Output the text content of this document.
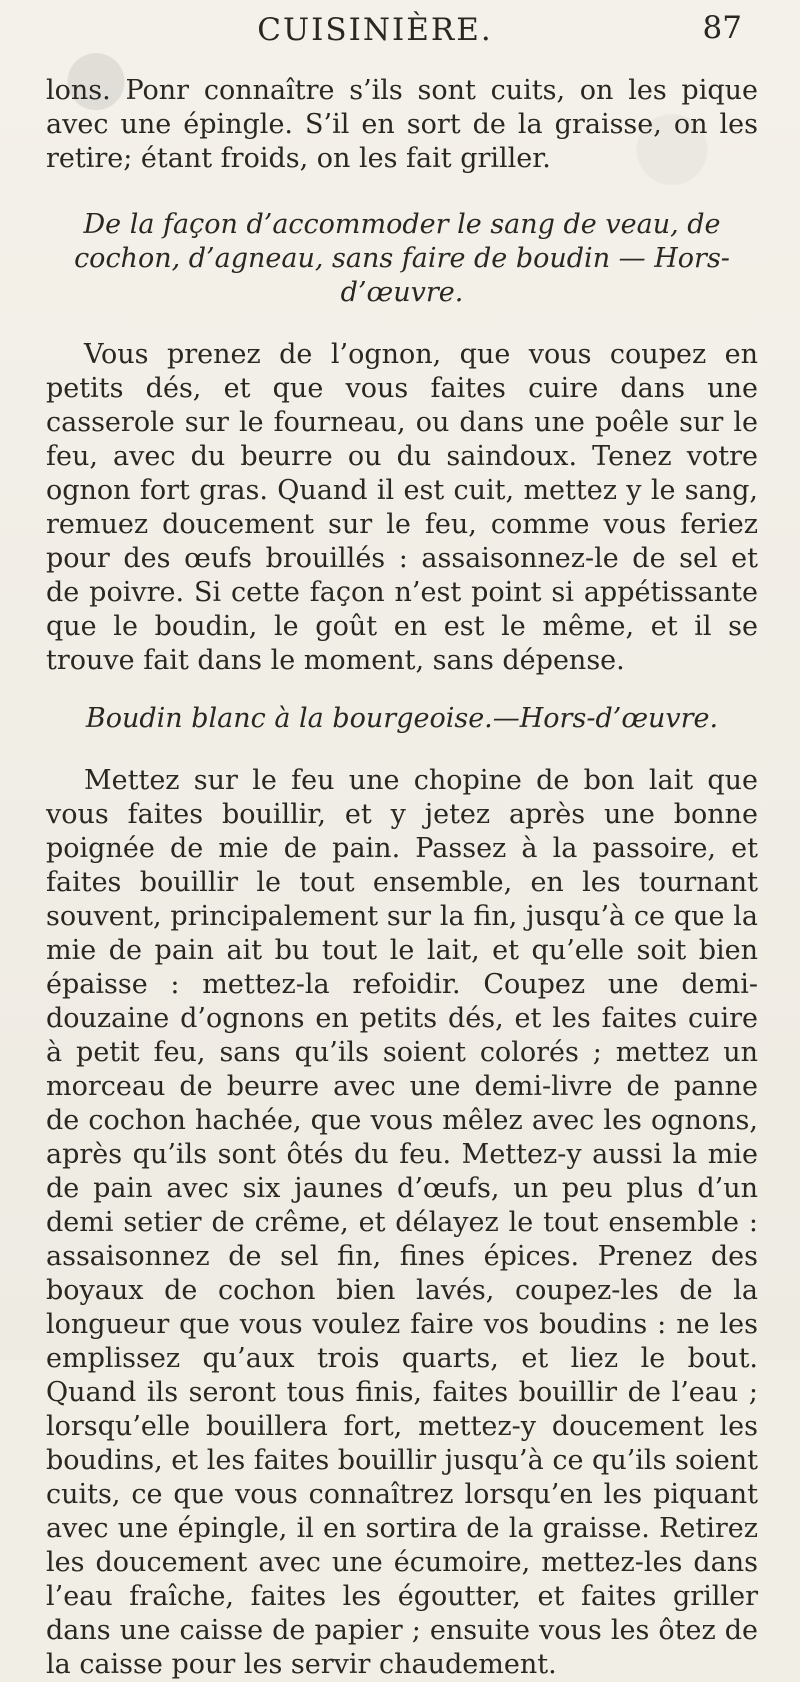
CUISINIÈRE.	87

lons. Ponr connaître s’ils sont cuits, on les pique avec une épingle. S’il en sort de la graisse, on les retire; étant froids, on les fait griller.

De la façon d’accommoder le sang de veau, de cochon, d’agneau, sans faire de boudin — Hors-d’œuvre.

Vous prenez de l’ognon, que vous coupez en petits dés, et que vous faites cuire dans une casserole sur le fourneau, ou dans une poêle sur le feu, avec du beurre ou du saindoux. Tenez votre ognon fort gras. Quand il est cuit, mettez y le sang, remuez doucement sur le feu, comme vous feriez pour des œufs brouillés : assaisonnez-le de sel et de poivre. Si cette façon n’est point si appétissante que le boudin, le goût en est le même, et il se trouve fait dans le moment, sans dépense.

Boudin blanc à la bourgeoise.—Hors-d’œuvre.

Mettez sur le feu une chopine de bon lait que vous faites bouillir, et y jetez après une bonne poignée de mie de pain. Passez à la passoire, et faites bouillir le tout ensemble, en les tournant souvent, principalement sur la fin, jusqu’à ce que la mie de pain ait bu tout le lait, et qu’elle soit bien épaisse : mettez-la refoidir. Coupez une demi-douzaine d’ognons en petits dés, et les faites cuire à petit feu, sans qu’ils soient colorés ; mettez un morceau de beurre avec une demi-livre de panne de cochon hachée, que vous mêlez avec les ognons, après qu’ils sont ôtés du feu. Mettez-y aussi la mie de pain avec six jaunes d’œufs, un peu plus d’un demi setier de crême, et délayez le tout ensemble : assaisonnez de sel fin, fines épices. Prenez des boyaux de cochon bien lavés, coupez-les de la longueur que vous voulez faire vos boudins : ne les emplissez qu’aux trois quarts, et liez le bout. Quand ils seront tous finis, faites bouillir de l’eau ; lorsqu’elle bouillera fort, mettez-y doucement les boudins, et les faites bouillir jusqu’à ce qu’ils soient cuits, ce que vous connaîtrez lorsqu’en les piquant avec une épingle, il en sortira de la graisse. Retirez les doucement avec une écumoire, mettez-les dans l’eau fraîche, faites les égoutter, et faites griller dans une caisse de papier ; ensuite vous les ôtez de la caisse pour les servir chaudement.
